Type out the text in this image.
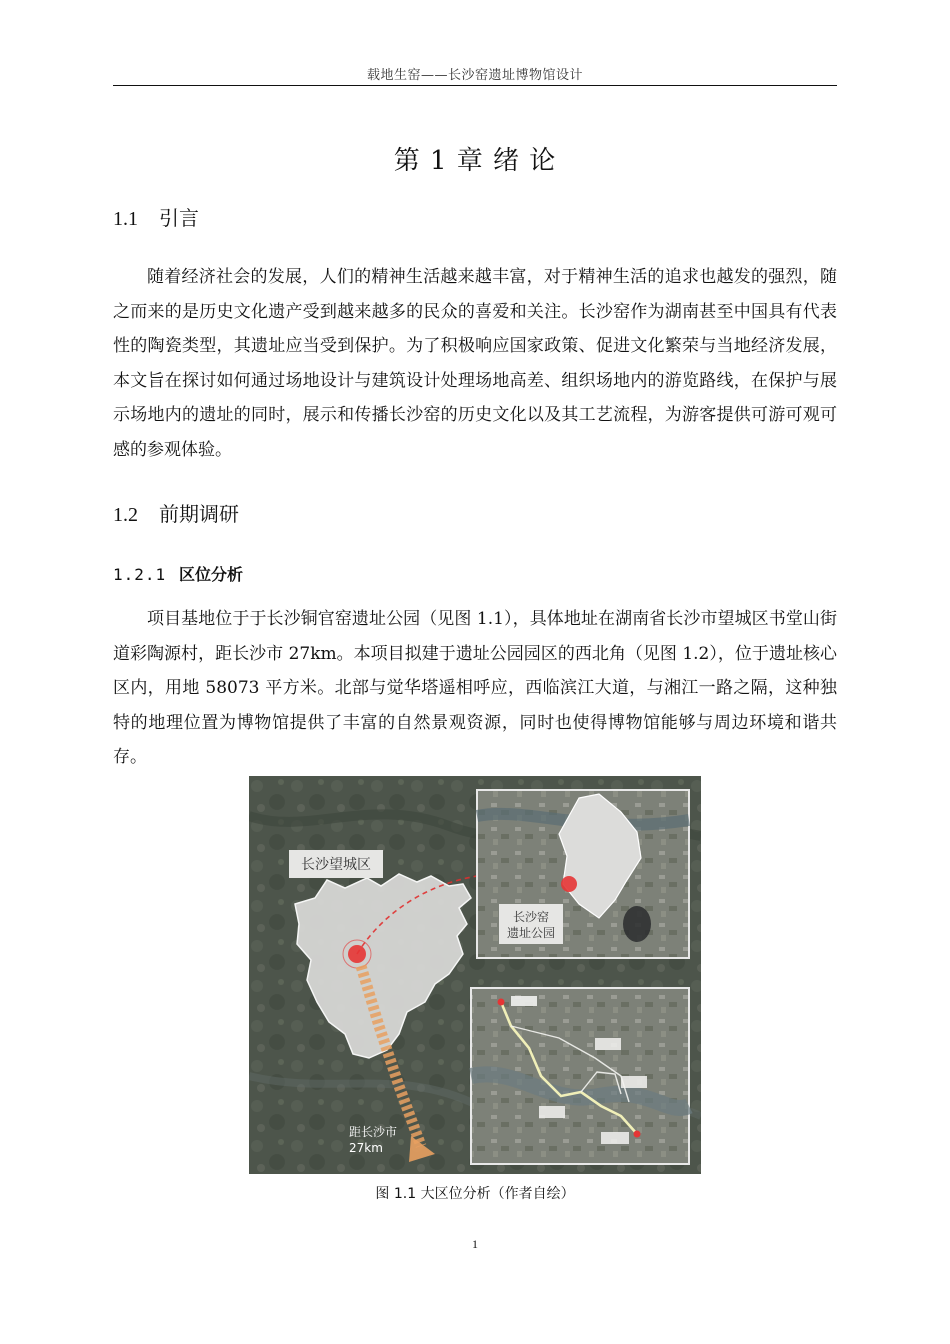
载地生窑——长沙窑遗址博物馆设计
第 1 章 绪 论
1.1 引言

随着经济社会的发展，人们的精神生活越来越丰富，对于精神生活的追求也越发的强烈，随之而来的是历史文化遗产受到越来越多的民众的喜爱和关注。长沙窑作为湖南甚至中国具有代表性的陶瓷类型，其遗址应当受到保护。为了积极响应国家政策、促进文化繁荣与当地经济发展，本文旨在探讨如何通过场地设计与建筑设计处理场地高差、组织场地内的游览路线，在保护与展示场地内的遗址的同时，展示和传播长沙窑的历史文化以及其工艺流程，为游客提供可游可观可感的参观体验。

1.2 前期调研
1.2.1 区位分析

项目基地位于于长沙铜官窑遗址公园（见图 1.1），具体地址在湖南省长沙市望城区书堂山街道彩陶源村，距长沙市 27km。本项目拟建于遗址公园园区的西北角（见图 1.2），位于遗址核心区内，用地 58073 平方米。北部与觉华塔遥相呼应，西临滨江大道，与湘江一路之隔，这种独特的地理位置为博物馆提供了丰富的自然景观资源，同时也使得博物馆能够与周边环境和谐共存。

长沙望城区
距长沙市
27km
长沙窑
遗址公园
图 1.1 大区位分析（作者自绘）
1
